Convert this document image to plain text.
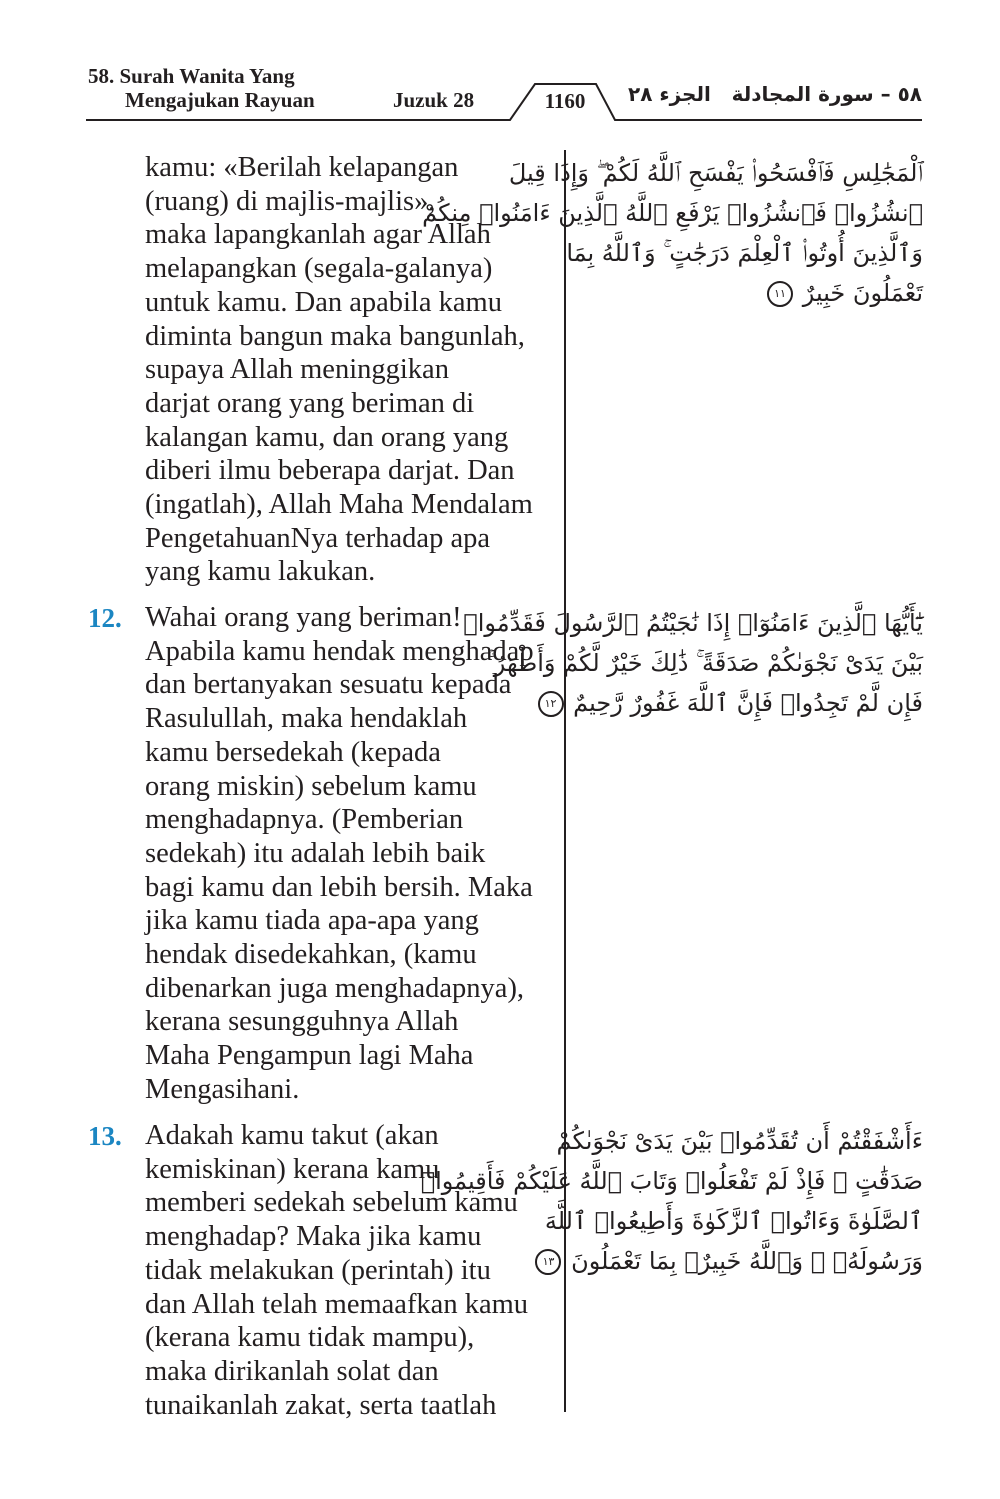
58. Surah Wanita Yang
Mengajukan Rayuan	Juzuk 28	1160	الجزء ٢٨ ٥٨ – سورة المجادلة

kamu: «Berilah kelapangan
(ruang) di majlis-majlis»,
maka lapangkanlah agar Allah
melapangkan (segala-galanya)
untuk kamu. Dan apabila kamu
diminta bangun maka bangunlah,
supaya Allah meninggikan
darjat orang yang beriman di
kalangan kamu, dan orang yang
diberi ilmu beberapa darjat. Dan
(ingatlah), Allah Maha Mendalam
PengetahuanNya terhadap apa
yang kamu lakukan.

ٱلْمَجَٰلِسِ فَٱفْسَحُوا۟ يَفْسَحِ ٱللَّهُ لَكُمْ ۖ وَإِذَا قِيلَ
ٱنشُزُوا۟ فَٱنشُزُوا۟ يَرْفَعِ ٱللَّهُ ٱلَّذِينَ ءَامَنُوا۟ مِنكُمْ
وَٱلَّذِينَ أُوتُوا۟ ٱلْعِلْمَ دَرَجَٰتٍ ۚ وَٱللَّهُ بِمَا
تَعْمَلُونَ خَبِيرٌ ١١
12. Wahai orang yang beriman!
Apabila kamu hendak menghadap
dan bertanyakan sesuatu kepada
Rasulullah, maka hendaklah
kamu bersedekah (kepada
orang miskin) sebelum kamu
menghadapnya. (Pemberian
sedekah) itu adalah lebih baik
bagi kamu dan lebih bersih. Maka
jika kamu tiada apa-apa yang
hendak disedekahkan, (kamu
dibenarkan juga menghadapnya),
kerana sesungguhnya Allah
Maha Pengampun lagi Maha
Mengasihani.

يَٰٓأَيُّهَا ٱلَّذِينَ ءَامَنُوٓا۟ إِذَا نَٰجَيْتُمُ ٱلرَّسُولَ فَقَدِّمُوا۟
بَيْنَ يَدَىْ نَجْوَىٰكُمْ صَدَقَةً ۚ ذَٰلِكَ خَيْرٌ لَّكُمْ وَأَطْهَرُ ۚ
فَإِن لَّمْ تَجِدُوا۟ فَإِنَّ ٱللَّهَ غَفُورٌ رَّحِيمٌ ١٢
13. Adakah kamu takut (akan
kemiskinan) kerana kamu
memberi sedekah sebelum kamu
menghadap? Maka jika kamu
tidak melakukan (perintah) itu
dan Allah telah memaafkan kamu
(kerana kamu tidak mampu),
maka dirikanlah solat dan
tunaikanlah zakat, serta taatlah

ءَأَشْفَقْتُمْ أَن تُقَدِّمُوا۟ بَيْنَ يَدَىْ نَجْوَىٰكُمْ
صَدَقَٰتٍ ۚ فَإِذْ لَمْ تَفْعَلُوا۟ وَتَابَ ٱللَّهُ عَلَيْكُمْ فَأَقِيمُوا۟
ٱلصَّلَوٰةَ وَءَاتُوا۟ ٱلزَّكَوٰةَ وَأَطِيعُوا۟ ٱللَّهَ
وَرَسُولَهُۥ ۚ وَٱللَّهُ خَبِيرٌۢ بِمَا تَعْمَلُونَ ١٣
